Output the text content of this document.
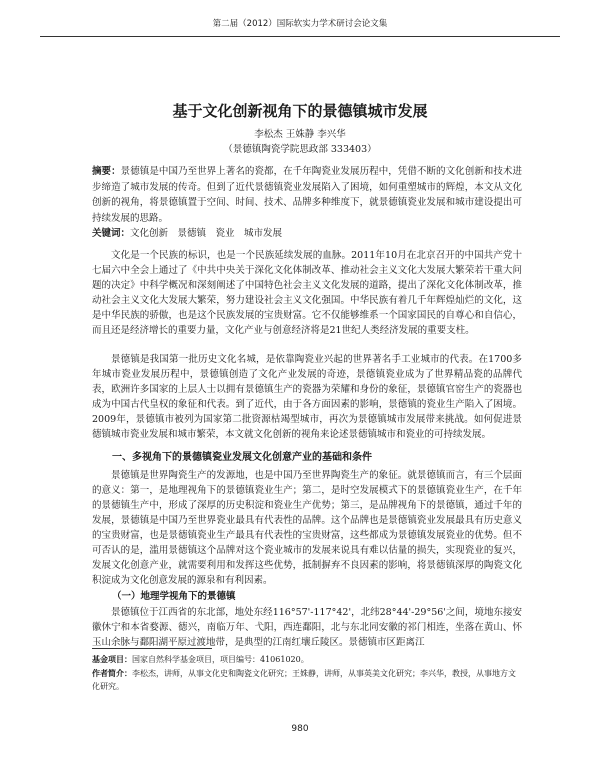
第二届（2012）国际软实力学术研讨会论文集
基于文化创新视角下的景德镇城市发展
李松杰 王姝静 李兴华
（景德镇陶瓷学院思政部 333403）

摘要：景德镇是中国乃至世界上著名的瓷都，在千年陶瓷业发展历程中，凭借不断的文化创新和技术进步缔造了城市发展的传奇。但到了近代景德镇瓷业发展陷入了困境，如何重塑城市的辉煌，本文从文化创新的视角，将景德镇置于空间、时间、技术、品牌多种维度下，就景德镇瓷业发展和城市建设提出可持续发展的思路。

关键词：文化创新　景德镇　瓷业　城市发展

文化是一个民族的标识，也是一个民族延续发展的血脉。2011年10月在北京召开的中国共产党十七届六中全会上通过了《中共中央关于深化文化体制改革、推动社会主义文化大发展大繁荣若干重大问题的决定》中科学概况和深刻阐述了中国特色社会主义文化发展的道路，提出了深化文化体制改革，推动社会主义文化大发展大繁荣，努力建设社会主义文化强国。中华民族有着几千年辉煌灿烂的文化，这是中华民族的骄傲，也是这个民族发展的宝贵财富。它不仅能够维系一个国家国民的自尊心和自信心，而且还是经济增长的重要力量，文化产业与创意经济将是21世纪人类经济发展的重要支柱。

景德镇是我国第一批历史文化名城，是依靠陶瓷业兴起的世界著名手工业城市的代表。在1700多年城市瓷业发展历程中，景德镇创造了文化产业发展的奇迹，景德镇瓷业成为了世界精品瓷的品牌代表，欧洲许多国家的上层人士以拥有景德镇生产的瓷器为荣耀和身份的象征，景德镇官窑生产的瓷器也成为中国古代皇权的象征和代表。到了近代，由于各方面因素的影响，景德镇的瓷业生产陷入了困境。2009年，景德镇市被列为国家第二批资源枯竭型城市，再次为景德镇城市发展带来挑战。如何促进景德镇城市瓷业发展和城市繁荣，本文就文化创新的视角来论述景德镇城市和瓷业的可持续发展。

一、多视角下的景德镇瓷业发展文化创意产业的基础和条件

景德镇是世界陶瓷生产的发源地，也是中国乃至世界陶瓷生产的象征。就景德镇而言，有三个层面的意义：第一，是地理视角下的景德镇瓷业生产；第二，是时空发展模式下的景德镇瓷业生产，在千年的景德镇生产中，形成了深厚的历史积淀和瓷业生产优势；第三，是品牌视角下的景德镇，通过千年的发展，景德镇是中国乃至世界瓷业最具有代表性的品牌。这个品牌也是景德镇瓷业发展最具有历史意义的宝贵财富，也是景德镇瓷业生产最具有代表性的宝贵财富，这些都成为景德镇发展瓷业的优势。但不可否认的是，滥用景德镇这个品牌对这个瓷业城市的发展来说具有难以估量的损失，实现瓷业的复兴，发展文化创意产业，就需要利用和发挥这些优势，抵制摒弃不良因素的影响，将景德镇深厚的陶瓷文化积淀成为文化创意发展的源泉和有利因素。

（一）地理学视角下的景德镇

景德镇位于江西省的东北部，地处东经116°57'-117°42'，北纬28°44'-29°56'之间，境地东接安徽休宁和本省婺源、德兴，南临万年、弋阳，西连鄱阳，北与东北同安徽的祁门相连，坐落在黄山、怀玉山余脉与鄱阳湖平原过渡地带，是典型的江南红壤丘陵区。景德镇市区距离江

基金项目：国家自然科学基金项目，项目编号：41061020。

作者简介：李松杰，讲师，从事文化史和陶瓷文化研究；王姝静，讲师，从事英美文化研究；李兴华，教授，从事地方文化研究。

980
